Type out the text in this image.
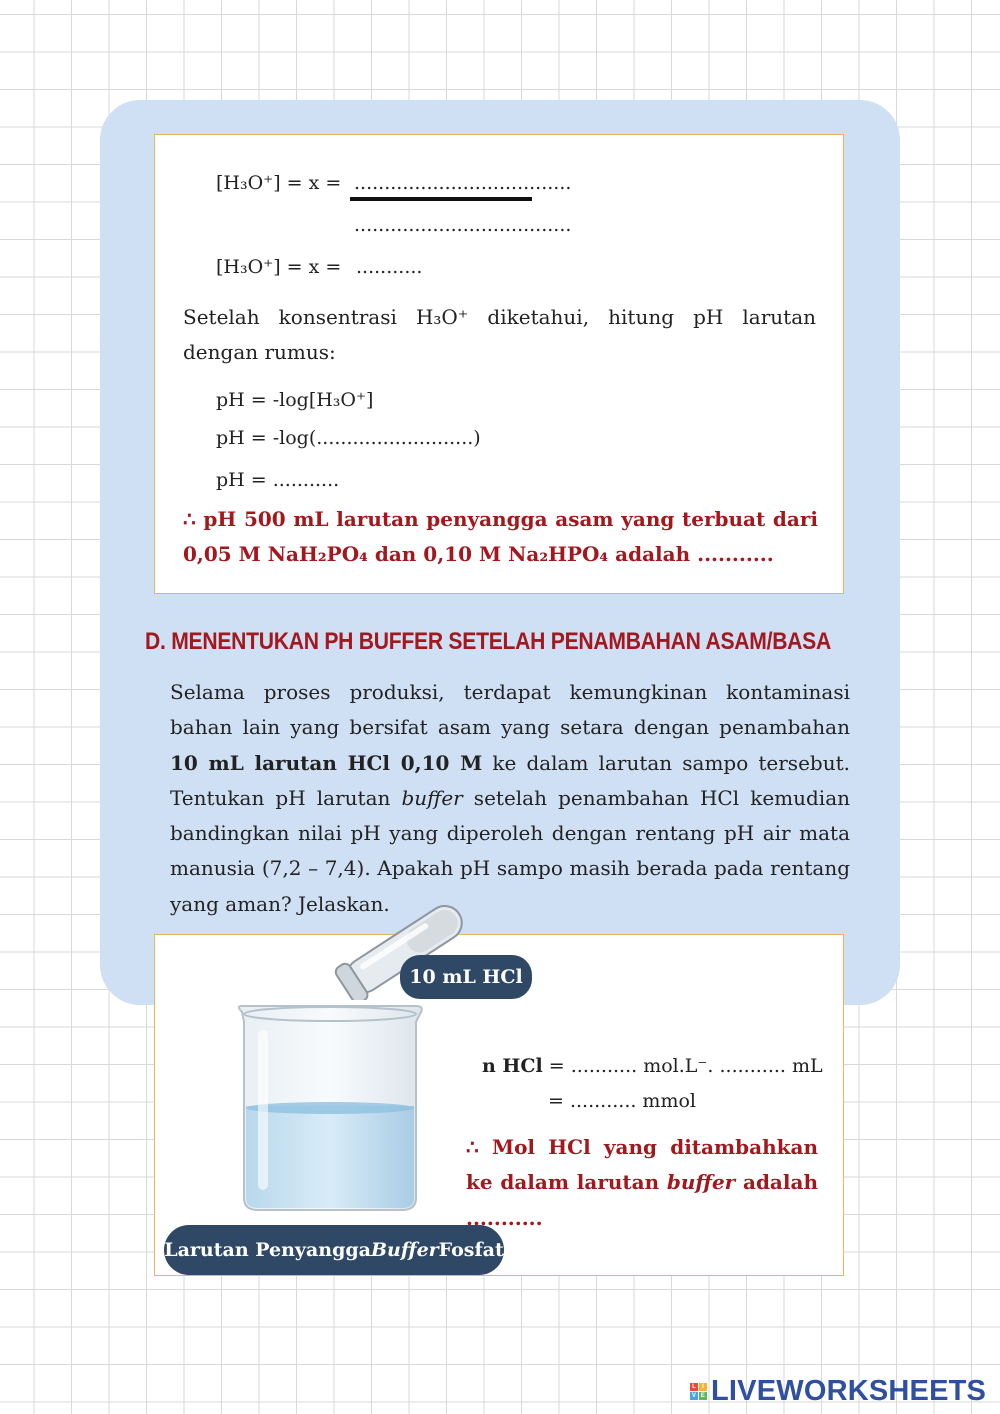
[H₃O⁺] = x = ....................................
....................................
[H₃O⁺] = x = ...........
Setelah konsentrasi H₃O⁺ diketahui, hitung pH larutan dengan rumus:
pH = -log[H₃O⁺]
pH = -log(..........................)
pH = ...........
∴ pH 500 mL larutan penyangga asam yang terbuat dari 0,05 M NaH₂PO₄ dan 0,10 M Na₂HPO₄ adalah ...........
D. MENENTUKAN PH BUFFER SETELAH PENAMBAHAN ASAM/BASA
Selama proses produksi, terdapat kemungkinan kontaminasi bahan lain yang bersifat asam yang setara dengan penambahan 10 mL larutan HCl 0,10 M ke dalam larutan sampo tersebut. Tentukan pH larutan buffer setelah penambahan HCl kemudian bandingkan nilai pH yang diperoleh dengan rentang pH air mata manusia (7,2 – 7,4). Apakah pH sampo masih berada pada rentang yang aman? Jelaskan.
10 mL HCl
Larutan Penyangga Buffer Fosfat
n HCl = ........... mol.L⁻. ........... mL
= ........... mmol
∴ Mol HCl yang ditambahkan ke dalam larutan buffer adalah ...........
L	I
V E LIVEWORKSHEETS
